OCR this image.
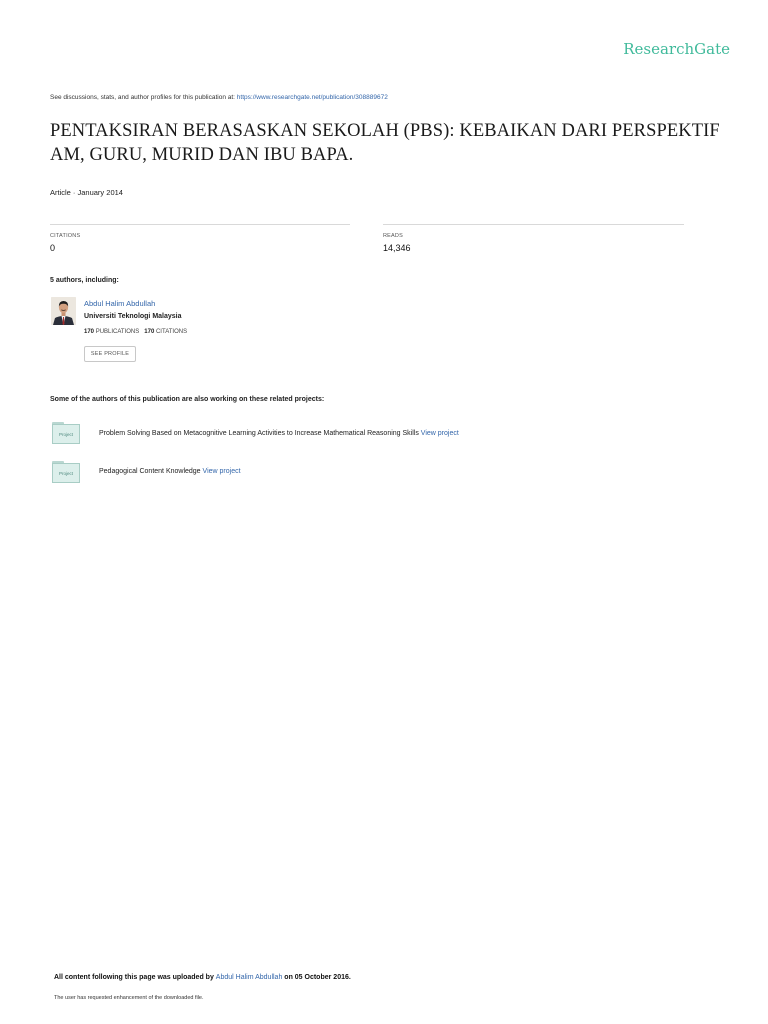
ResearchGate
See discussions, stats, and author profiles for this publication at: https://www.researchgate.net/publication/308889672
PENTAKSIRAN BERASASKAN SEKOLAH (PBS): KEBAIKAN DARI PERSPEKTIF AM, GURU, MURID DAN IBU BAPA.
Article · January 2014
CITATIONS
0
READS
14,346
5 authors, including:
Abdul Halim Abdullah
Universiti Teknologi Malaysia
170 PUBLICATIONS 170 CITATIONS
SEE PROFILE
Some of the authors of this publication are also working on these related projects:
Project	Problem Solving Based on Metacognitive Learning Activities to Increase Mathematical Reasoning Skills View project
Project	Pedagogical Content Knowledge View project
All content following this page was uploaded by Abdul Halim Abdullah on 05 October 2016.
The user has requested enhancement of the downloaded file.
